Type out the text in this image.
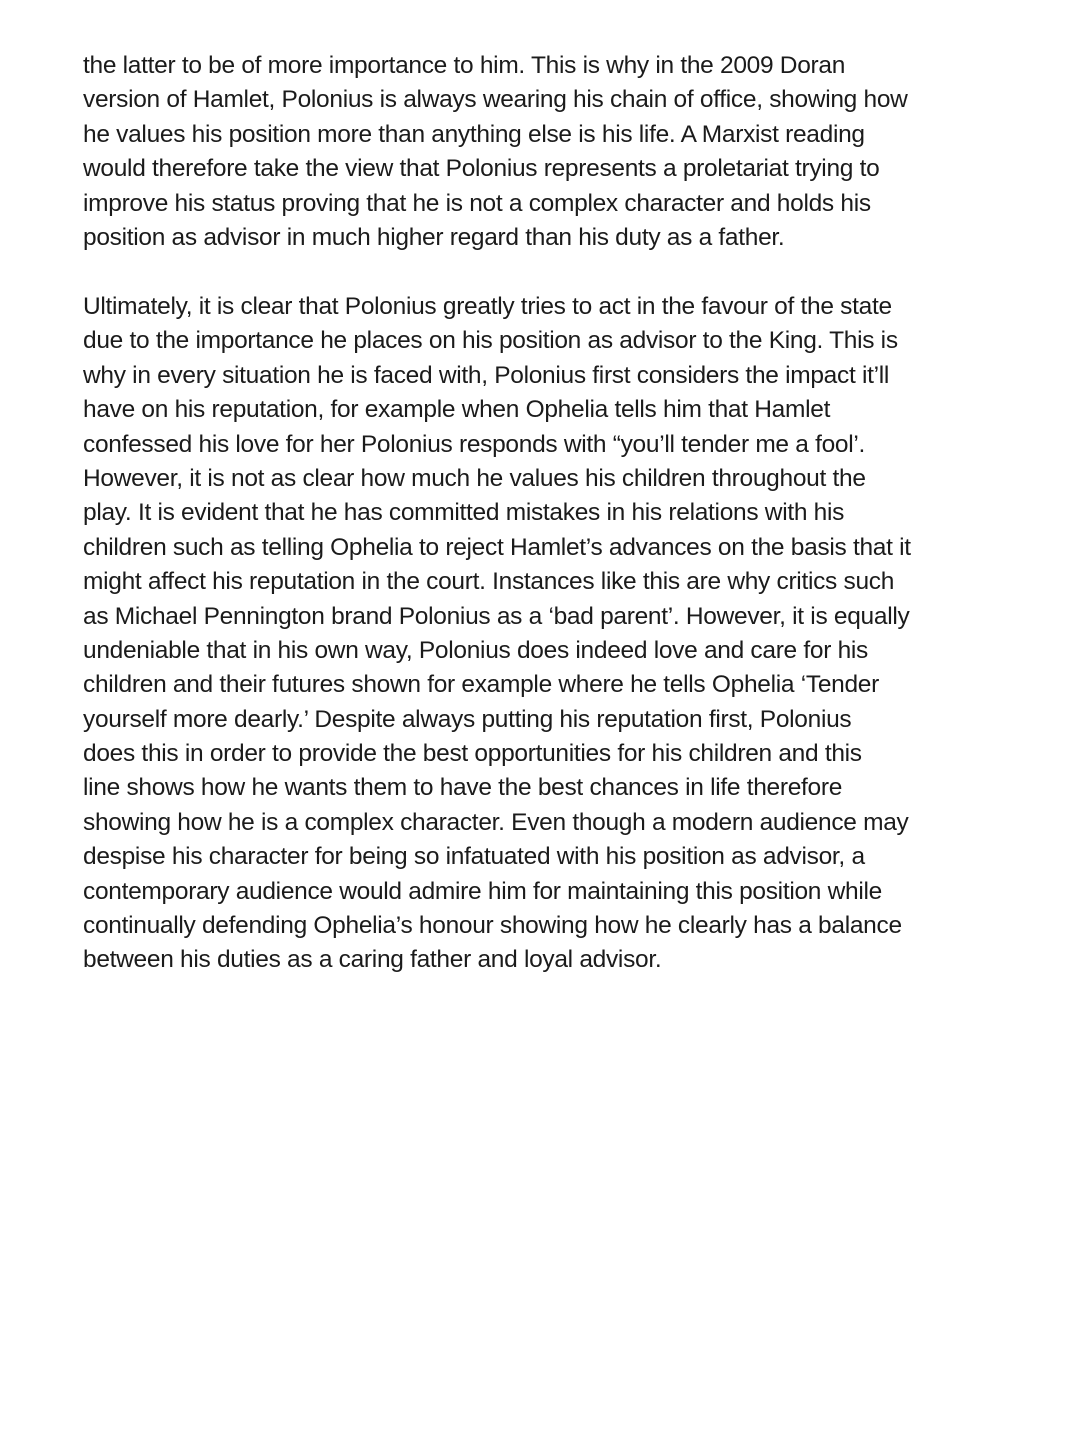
the latter to be of more importance to him. This is why in the 2009 Doran
version of Hamlet, Polonius is always wearing his chain of office, showing how
he values his position more than anything else is his life. A Marxist reading
would therefore take the view that Polonius represents a proletariat trying to
improve his status proving that he is not a complex character and holds his
position as advisor in much higher regard than his duty as a father.
Ultimately, it is clear that Polonius greatly tries to act in the favour of the state
due to the importance he places on his position as advisor to the King. This is
why in every situation he is faced with, Polonius first considers the impact it’ll
have on his reputation, for example when Ophelia tells him that Hamlet
confessed his love for her Polonius responds with “you’ll tender me a fool’.
However, it is not as clear how much he values his children throughout the
play. It is evident that he has committed mistakes in his relations with his
children such as telling Ophelia to reject Hamlet’s advances on the basis that it
might affect his reputation in the court. Instances like this are why critics such
as Michael Pennington brand Polonius as a ‘bad parent’. However, it is equally
undeniable that in his own way, Polonius does indeed love and care for his
children and their futures shown for example where he tells Ophelia ‘Tender
yourself more dearly.’ Despite always putting his reputation first, Polonius
does this in order to provide the best opportunities for his children and this
line shows how he wants them to have the best chances in life therefore
showing how he is a complex character. Even though a modern audience may
despise his character for being so infatuated with his position as advisor, a
contemporary audience would admire him for maintaining this position while
continually defending Ophelia’s honour showing how he clearly has a balance
between his duties as a caring father and loyal advisor.
